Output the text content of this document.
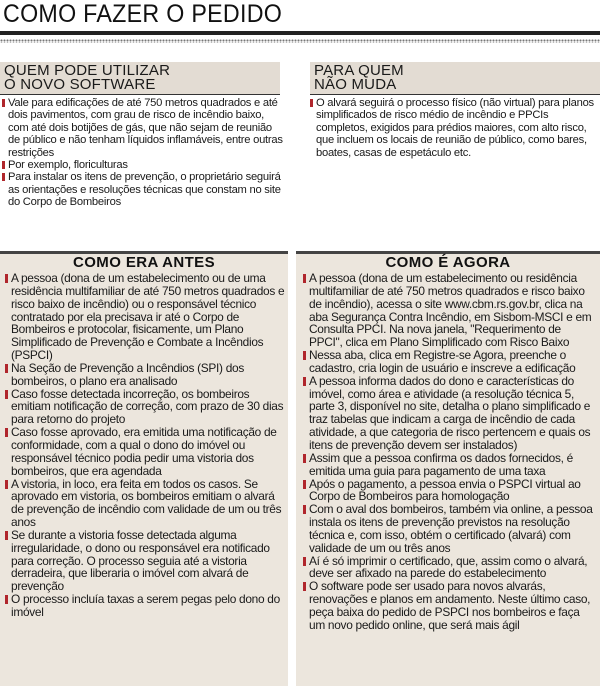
COMO FAZER O PEDIDO
QUEM PODE UTILIZAR
O NOVO SOFTWARE
Vale para edificações de até 750 metros quadrados e até dois pavimentos, com grau de risco de incêndio baixo, com até dois botijões de gás, que não sejam de reunião de público e não tenham líquidos inflamáveis, entre outras restrições
Por exemplo, floriculturas
Para instalar os itens de prevenção, o proprietário seguirá as orientações e resoluções técnicas que constam no site do Corpo de Bombeiros
PARA QUEM
NÃO MUDA
O alvará seguirá o processo físico (não virtual) para planos simplificados de risco médio de incêndio e PPCIs completos, exigidos para prédios maiores, com alto risco, que incluem os locais de reunião de público, como bares, boates, casas de espetáculo etc.
COMO ERA ANTES
A pessoa (dona de um estabelecimento ou de uma residência multifamiliar de até 750 metros quadrados e risco baixo de incêndio) ou o responsável técnico contratado por ela precisava ir até o Corpo de Bombeiros e protocolar, fisicamente, um Plano Simplificado de Prevenção e Combate a Incêndios (PSPCI)
Na Seção de Prevenção a Incêndios (SPI) dos bombeiros, o plano era analisado
Caso fosse detectada incorreção, os bombeiros emitiam notificação de correção, com prazo de 30 dias para retorno do projeto
Caso fosse aprovado, era emitida uma notificação de conformidade, com a qual o dono do imóvel ou responsável técnico podia pedir uma vistoria dos bombeiros, que era agendada
A vistoria, in loco, era feita em todos os casos. Se aprovado em vistoria, os bombeiros emitiam o alvará de prevenção de incêndio com validade de um ou três anos
Se durante a vistoria fosse detectada alguma irregularidade, o dono ou responsável era notificado para correção. O processo seguia até a vistoria derradeira, que liberaria o imóvel com alvará de prevenção
O processo incluía taxas a serem pegas pelo dono do imóvel
COMO É AGORA
A pessoa (dona de um estabelecimento ou residência multifamiliar de até 750 metros quadrados e risco baixo de incêndio), acessa o site www.cbm.rs.gov.br, clica na aba Segurança Contra Incêndio, em Sisbom-MSCI e em Consulta PPCI. Na nova janela, "Requerimento de PPCI", clica em Plano Simplificado com Risco Baixo
Nessa aba, clica em Registre-se Agora, preenche o cadastro, cria login de usuário e inscreve a edificação
A pessoa informa dados do dono e características do imóvel, como área e atividade (a resolução técnica 5, parte 3, disponível no site, detalha o plano simplificado e traz tabelas que indicam a carga de incêndio de cada atividade, a que categoria de risco pertencem e quais os itens de prevenção devem ser instalados)
Assim que a pessoa confirma os dados fornecidos, é emitida uma guia para pagamento de uma taxa
Após o pagamento, a pessoa envia o PSPCI virtual ao Corpo de Bombeiros para homologação
Com o aval dos bombeiros, também via online, a pessoa instala os itens de prevenção previstos na resolução técnica e, com isso, obtém o certificado (alvará) com validade de um ou três anos
Aí é só imprimir o certificado, que, assim como o alvará, deve ser afixado na parede do estabelecimento
O software pode ser usado para novos alvarás, renovações e planos em andamento. Neste último caso, peça baixa do pedido de PSPCI nos bombeiros e faça um novo pedido online, que será mais ágil
